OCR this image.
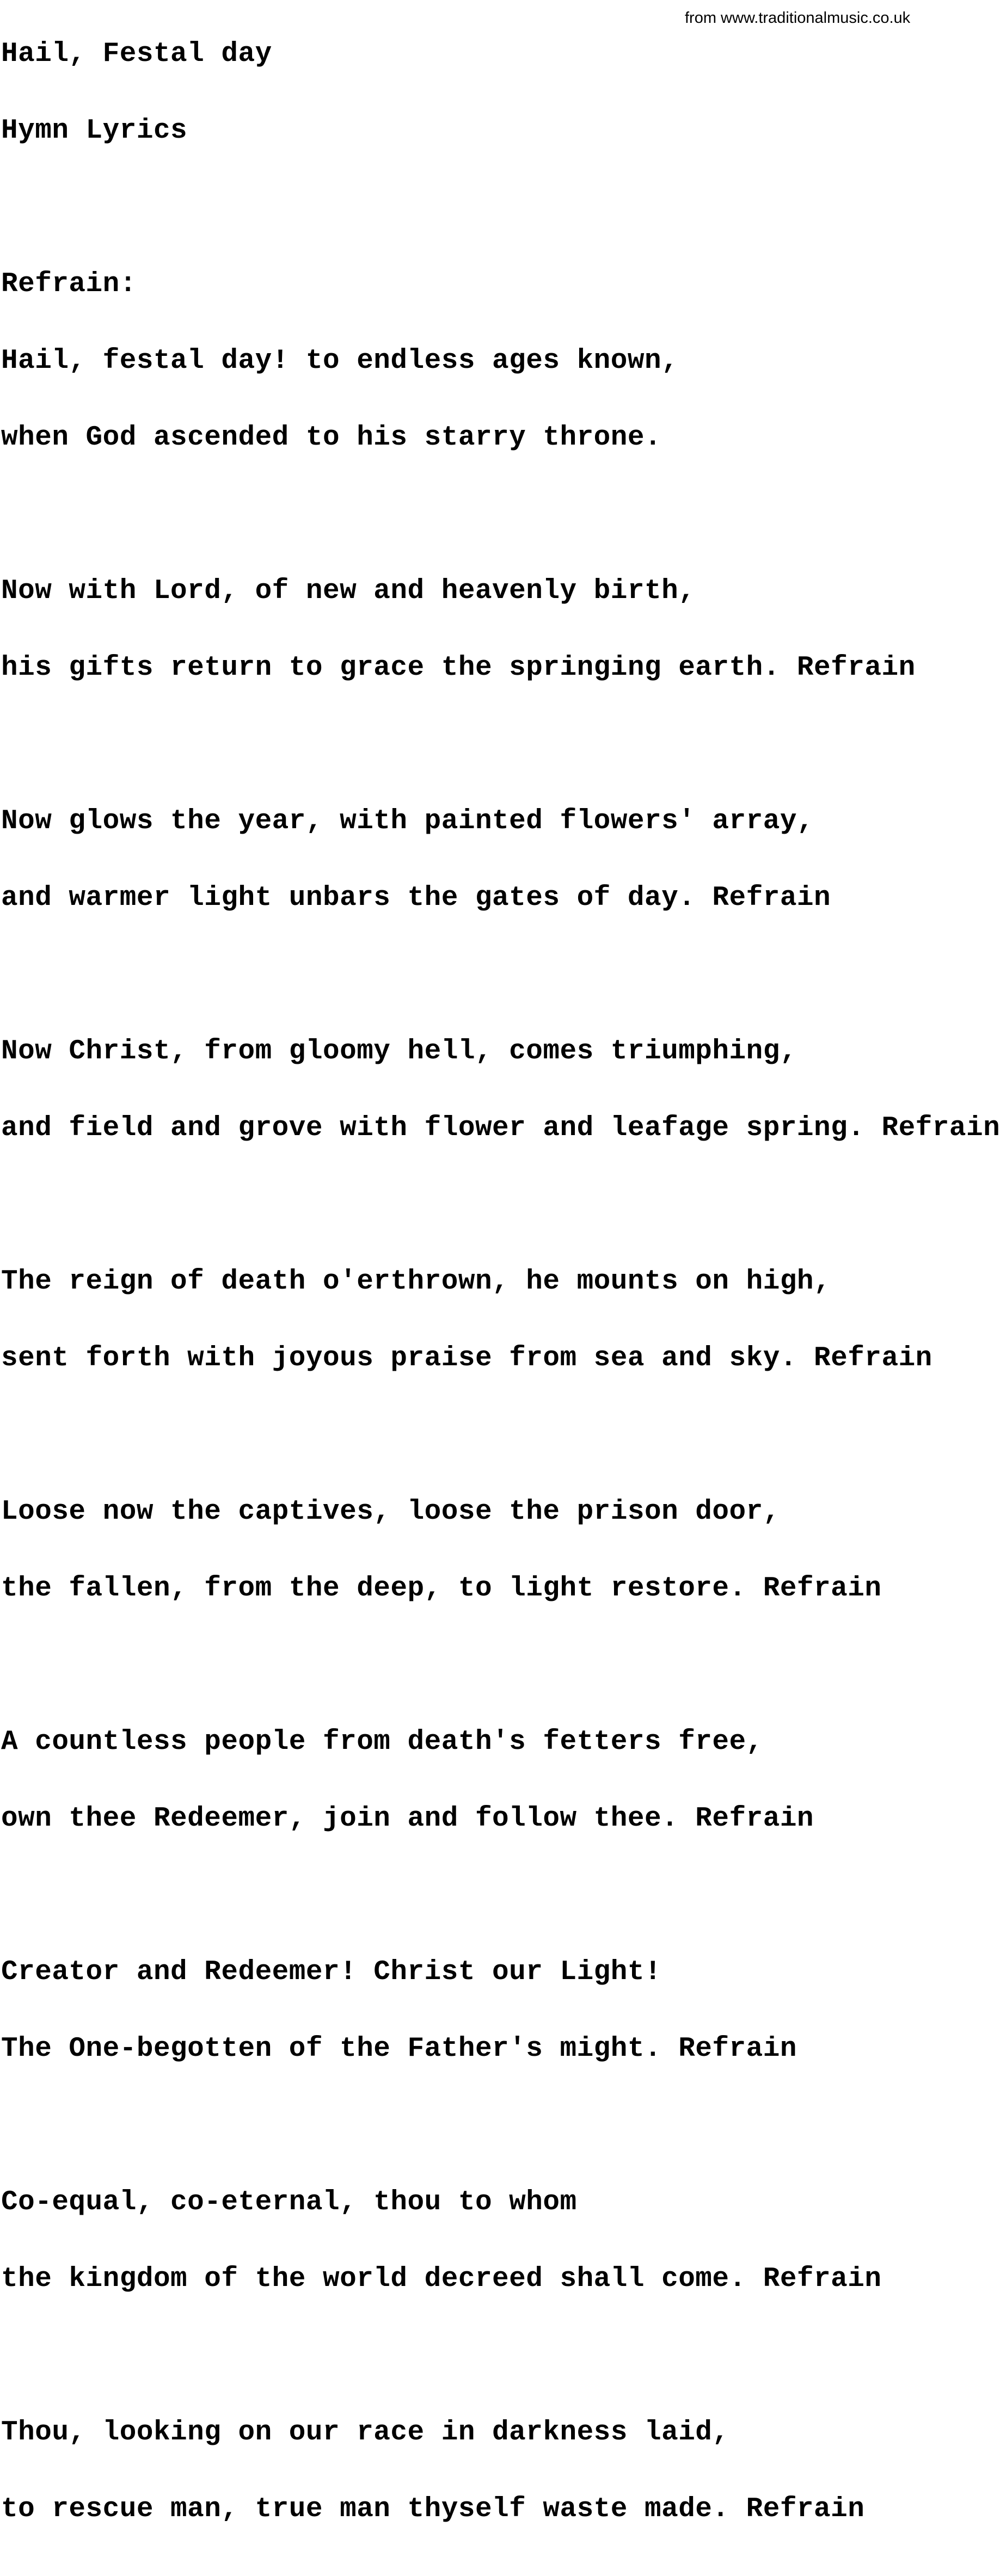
from www.traditionalmusic.co.uk

Hail, Festal day

Hymn Lyrics

Refrain:

Hail, festal day! to endless ages known,

when God ascended to his starry throne.

Now with Lord, of new and heavenly birth,

his gifts return to grace the springing earth. Refrain

Now glows the year, with painted flowers' array,

and warmer light unbars the gates of day. Refrain

Now Christ, from gloomy hell, comes triumphing,

and field and grove with flower and leafage spring. Refrain

The reign of death o'erthrown, he mounts on high,

sent forth with joyous praise from sea and sky. Refrain

Loose now the captives, loose the prison door,

the fallen, from the deep, to light restore. Refrain

A countless people from death's fetters free,

own thee Redeemer, join and follow thee. Refrain

Creator and Redeemer! Christ our Light!

The One-begotten of the Father's might. Refrain

Co-equal, co-eternal, thou to whom

the kingdom of the world decreed shall come. Refrain

Thou, looking on our race in darkness laid,

to rescue man, true man thyself waste made. Refrain
